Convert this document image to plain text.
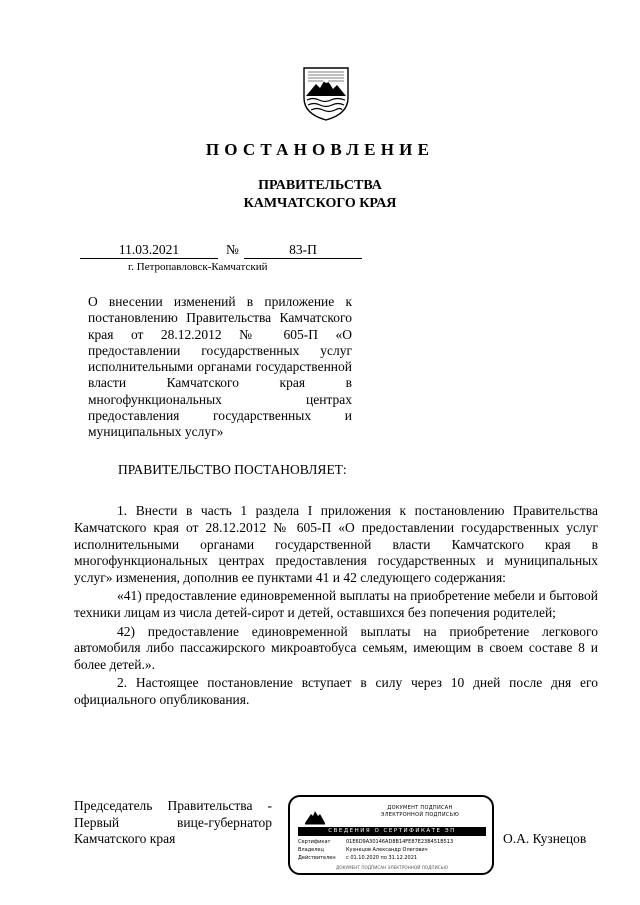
ПОСТАНОВЛЕНИЕ
ПРАВИТЕЛЬСТВА
КАМЧАТСКОГО КРАЯ
11.03.2021	№	83-П
г. Петропавловск-Камчатский
О внесении изменений в приложение к постановлению Правительства Камчатского края от 28.12.2012 № 605-П «О предоставлении государственных услуг исполнительными органами государственной власти Камчатского края в многофункциональных центрах предоставления государственных и муниципальных услуг»
ПРАВИТЕЛЬСТВО ПОСТАНОВЛЯЕТ:

1. Внести в часть 1 раздела I приложения к постановлению Правительства Камчатского края от 28.12.2012 № 605-П «О предоставлении государственных услуг исполнительными органами государственной власти Камчатского края в многофункциональных центрах предоставления государственных и муниципальных услуг» изменения, дополнив ее пунктами 41 и 42 следующего содержания:

«41) предоставление единовременной выплаты на приобретение мебели и бытовой техники лицам из числа детей-сирот и детей, оставшихся без попечения родителей;

42) предоставление единовременной выплаты на приобретение легкового автомобиля либо пассажирского микроавтобуса семьям, имеющим в своем составе 8 и более детей.».

2. Настоящее постановление вступает в силу через 10 дней после дня его официального опубликования.

Председатель Правительства -
Первый вице-губернатор
Камчатского края
ДОКУМЕНТ ПОДПИСАН
ЭЛЕКТРОННОЙ ПОДПИСЬЮ
СВЕДЕНИЯ О СЕРТИФИКАТЕ ЭП
Сертификат	01E6D9A30146AD8B14FE87E23B451B513
Владелец	Кузнецов Александр Олегович
Действителен с 01.10.2020 по 31.12.2021
ДОКУМЕНТ ПОДПИСАН ЭЛЕКТРОННОЙ ПОДПИСЬЮ
О.А. Кузнецов
